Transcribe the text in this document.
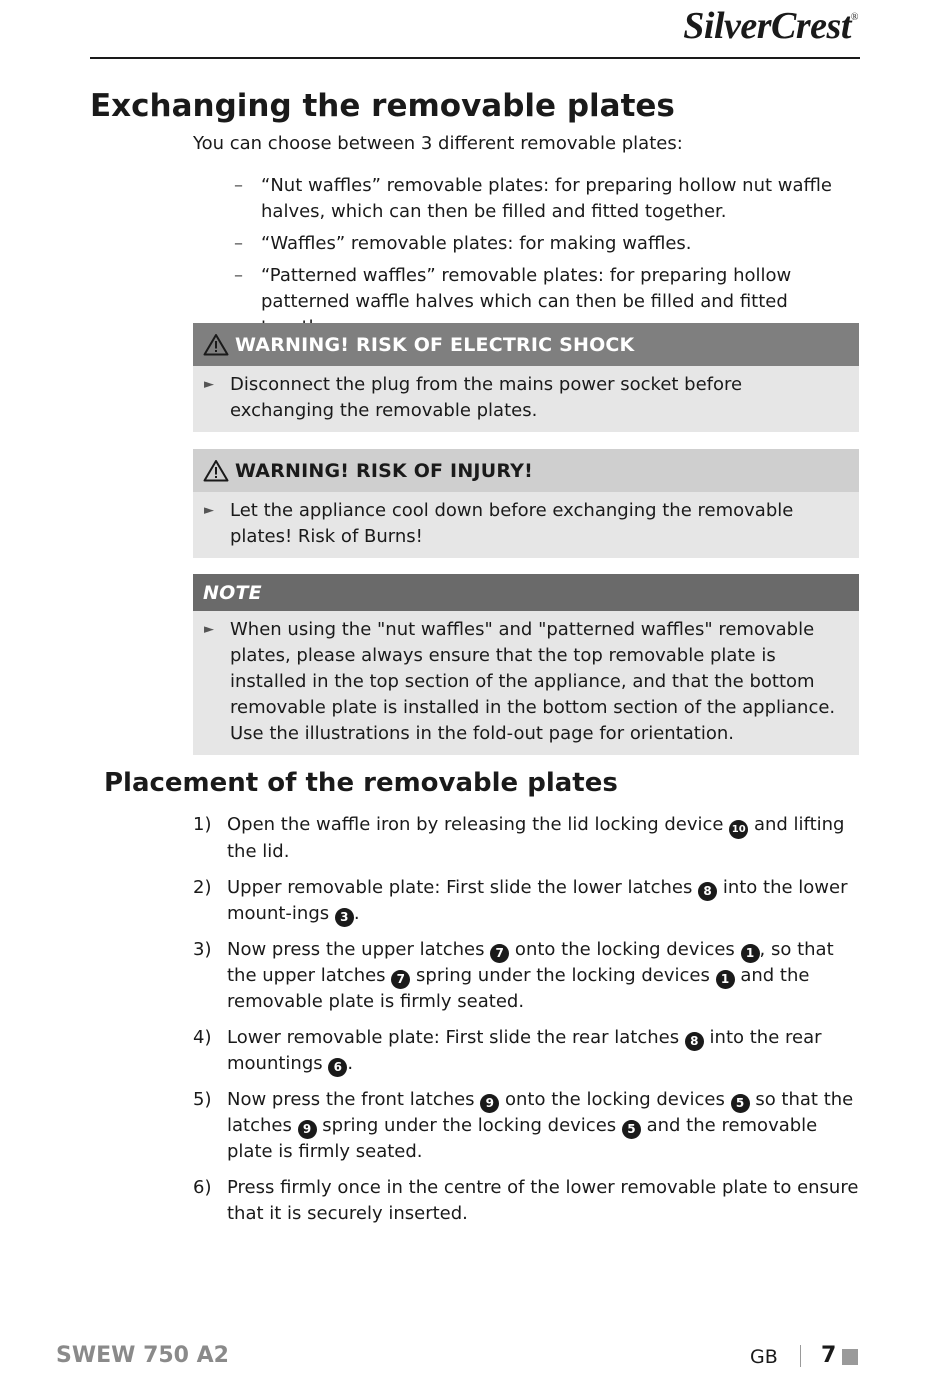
SilverCrest®
Exchanging the removable plates

You can choose between 3 different removable plates:

– “Nut waffles” removable plates: for preparing hollow nut waffle halves, which can then be filled and fitted together.
– “Waffles” removable plates: for making waffles.
– “Patterned waffles” removable plates: for preparing hollow patterned waffle halves which can then be filled and fitted
WARNING! RISK OF ELECTRIC SHOCK
► Disconnect the plug from the mains power socket before exchanging the removable plates.
WARNING! RISK OF INJURY!
► Let the appliance cool down before exchanging the removable plates! Risk of Burns!
NOTE
► When using the "nut waffles" and "patterned waffles" removable plates, please always ensure that the top removable plate is installed in the top section of the appliance, and that the bottom removable plate is installed in the bottom section of the appliance. Use the illustrations in the fold-out page for orientation.
Placement of the removable plates
1) Open the waffle iron by releasing the lid locking device 10 and lifting the lid.
2) Upper removable plate: First slide the lower latches 8 into the lower mount-ings 3 .
3) Now press the upper latches 7 onto the locking devices 1 , so that the upper latches 7 spring under the locking devices 1 and the removable plate is firmly seated.
4) Lower removable plate: First slide the rear latches 8 into the rear mountings 6 .
5) Now press the front latches 9 onto the locking devices 5 so that the latches 9 spring under the locking devices 5 and the removable plate is firmly seated.
6) Press firmly once in the centre of the lower removable plate to ensure that it is securely inserted.
SWEW 750 A2	GB 7
